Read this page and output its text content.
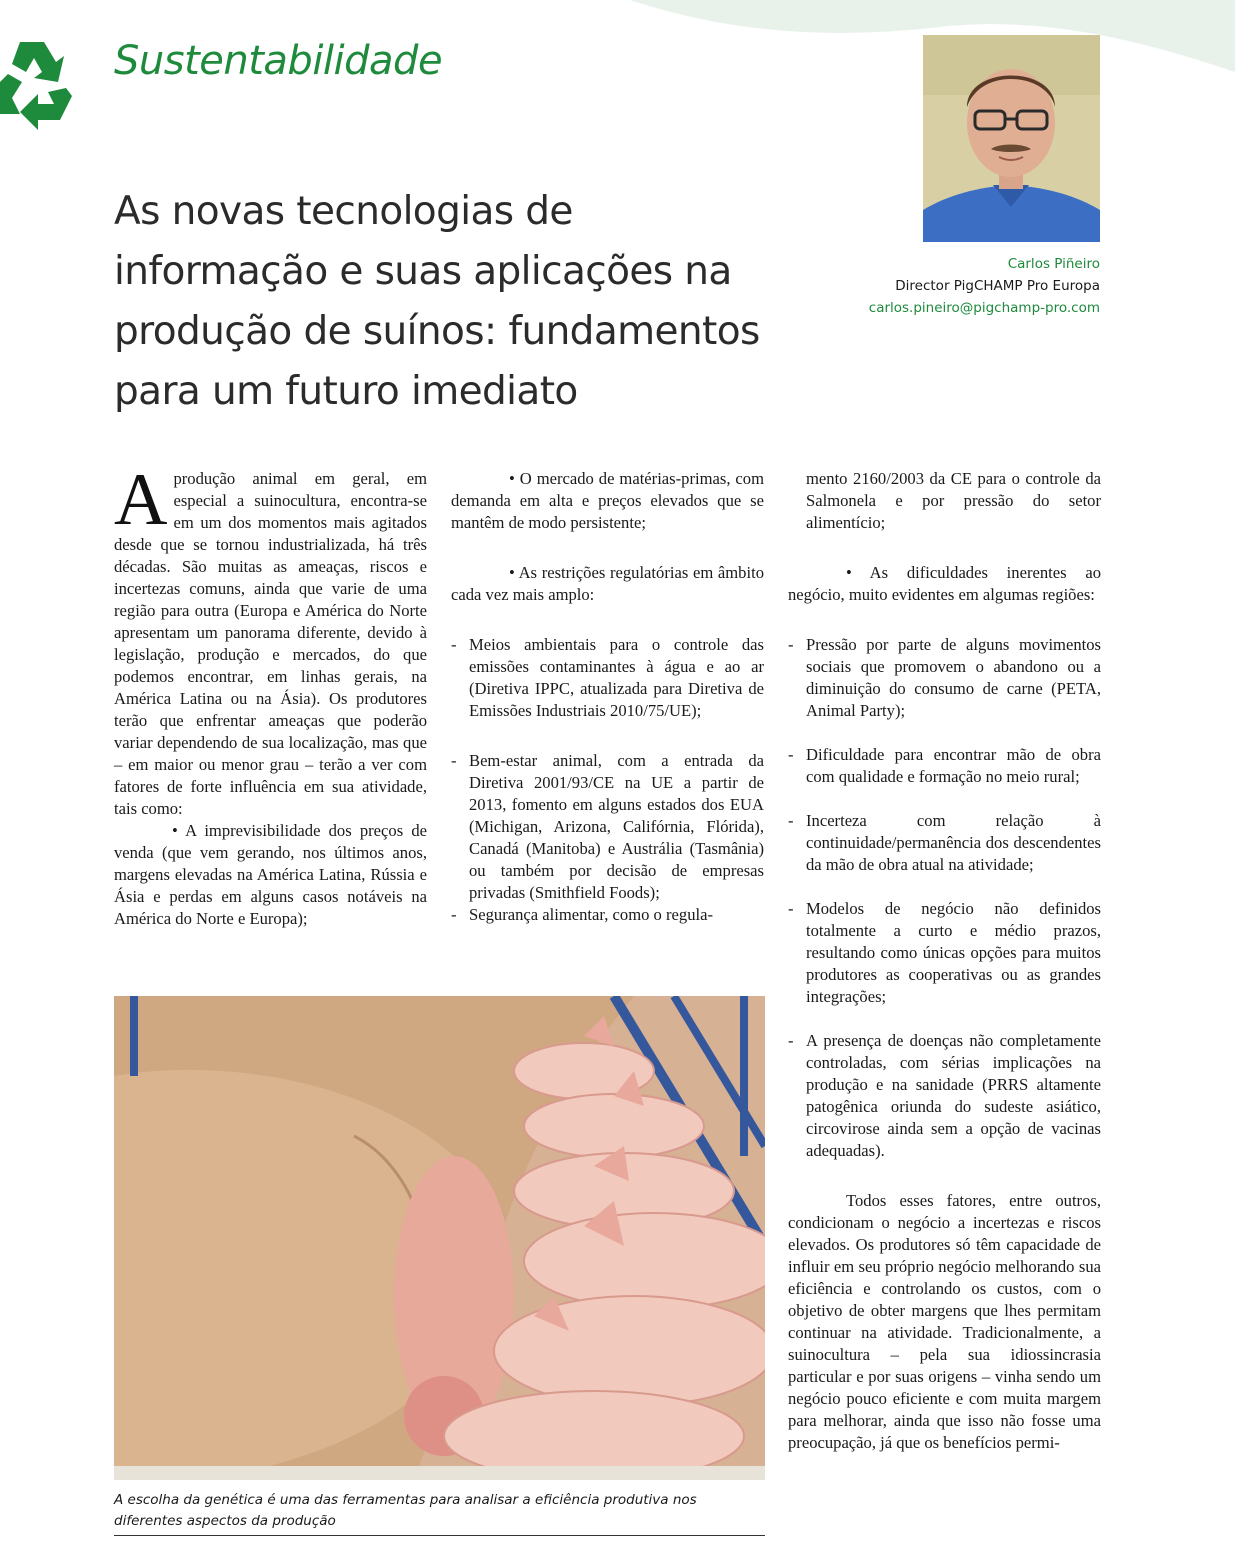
Sustentabilidade
As novas tecnologias de informação e suas aplicações na produção de suínos: fundamentos para um futuro imediato
Carlos Piñeiro
Director PigCHAMP Pro Europa
carlos.pineiro@pigchamp-pro.com

Aprodução animal em geral, em especial a suinocultura, encontra-se em um dos momentos mais agitados desde que se tornou industrializada, há três décadas. São muitas as ameaças, riscos e incertezas comuns, ainda que varie de uma região para outra (Europa e América do Norte apresentam um panorama diferente, devido à legislação, produção e mercados, do que podemos encontrar, em linhas gerais, na América Latina ou na Ásia). Os produtores terão que enfrentar ameaças que poderão variar dependendo de sua localização, mas que – em maior ou menor grau – terão a ver com fatores de forte influência em sua atividade, tais como:

• A imprevisibilidade dos preços de venda (que vem gerando, nos últimos anos, margens elevadas na América Latina, Rússia e Ásia e perdas em alguns casos notáveis na América do Norte e Europa);

• O mercado de matérias-primas, com demanda em alta e preços elevados que se mantêm de modo persistente;

• As restrições regulatórias em âmbito cada vez mais amplo:

- Meios ambientais para o controle das emissões contaminantes à água e ao ar (Diretiva IPPC, atualizada para Diretiva de Emissões Industriais 2010/75/UE);
- Bem-estar animal, com a entrada da Diretiva 2001/93/CE na UE a partir de 2013, fomento em alguns estados dos EUA (Michigan, Arizona, Califórnia, Flórida), Canadá (Manitoba) e Austrália (Tasmânia) ou também por decisão de empresas privadas (Smithfield Foods);
- Segurança alimentar, como o regula-

mento 2160/2003 da CE para o controle da Salmonela e por pressão do setor alimentício;

• As dificuldades inerentes ao negócio, muito evidentes em algumas regiões:

- Pressão por parte de alguns movimentos sociais que promovem o abandono ou a diminuição do consumo de carne (PETA, Animal Party);
- Dificuldade para encontrar mão de obra com qualidade e formação no meio rural;
- Incerteza com relação à continuidade/permanência dos descendentes da mão de obra atual na atividade;
- Modelos de negócio não definidos totalmente a curto e médio prazos, resultando como únicas opções para muitos produtores as cooperativas ou as grandes integrações;
- A presença de doenças não completamente controladas, com sérias implicações na produção e na sanidade (PRRS altamente patogênica oriunda do sudeste asiático, circovirose ainda sem a opção de vacinas adequadas).

Todos esses fatores, entre outros, condicionam o negócio a incertezas e riscos elevados. Os produtores só têm capacidade de influir em seu próprio negócio melhorando sua eficiência e controlando os custos, com o objetivo de obter margens que lhes permitam continuar na atividade. Tradicionalmente, a suinocultura – pela sua idiossincrasia particular e por suas origens – vinha sendo um negócio pouco eficiente e com muita margem para melhorar, ainda que isso não fosse uma preocupação, já que os benefícios permi-

A escolha da genética é uma das ferramentas para analisar a eficiência produtiva nos diferentes aspectos da produção
